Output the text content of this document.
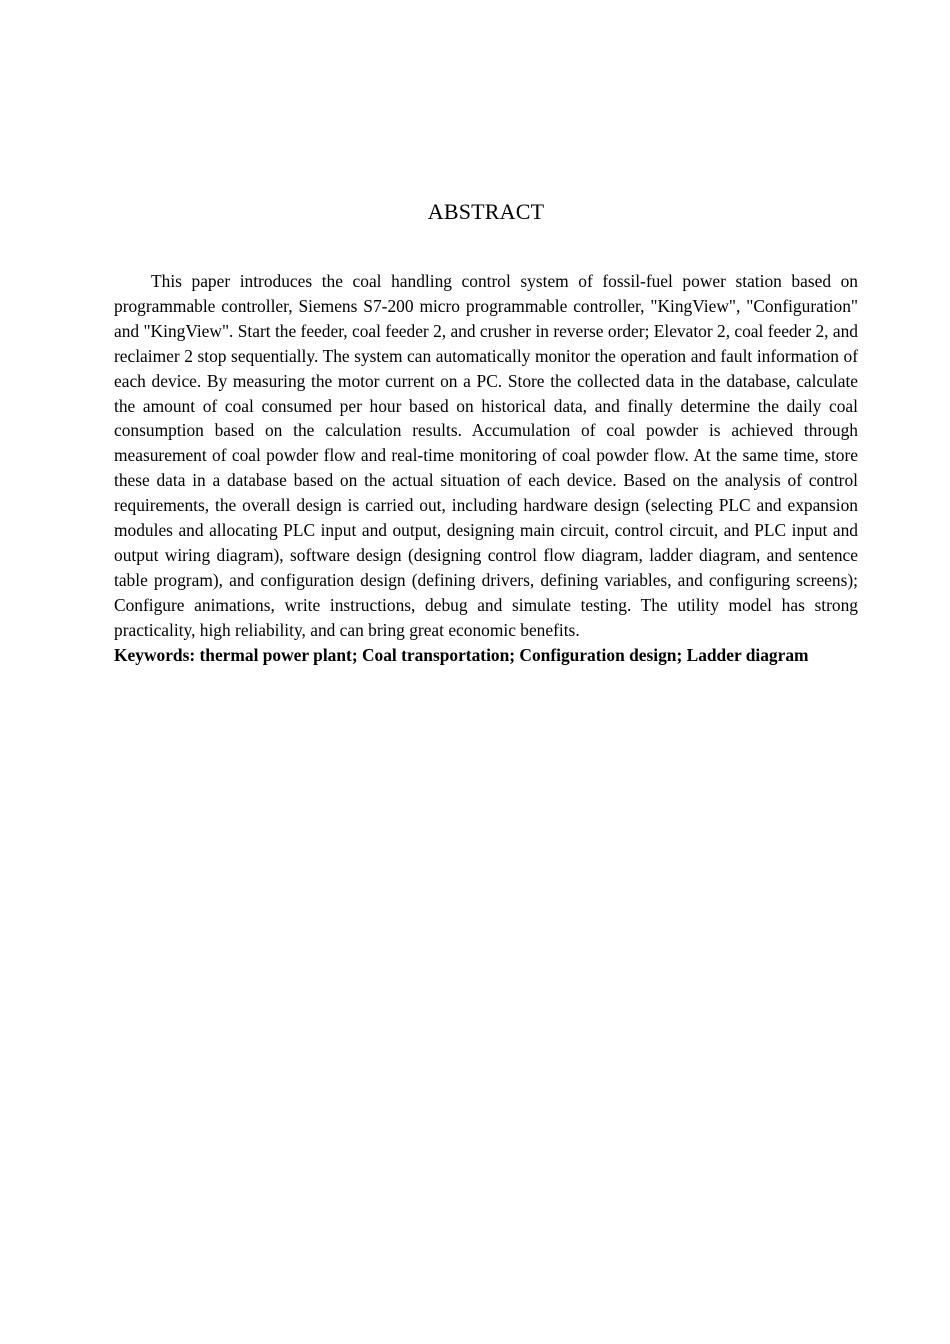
ABSTRACT

This paper introduces the coal handling control system of fossil-fuel power station based on programmable controller, Siemens S7-200 micro programmable controller, "KingView", "Configuration" and "KingView". Start the feeder, coal feeder 2, and crusher in reverse order; Elevator 2, coal feeder 2, and reclaimer 2 stop sequentially. The system can automatically monitor the operation and fault information of each device. By measuring the motor current on a PC. Store the collected data in the database, calculate the amount of coal consumed per hour based on historical data, and finally determine the daily coal consumption based on the calculation results. Accumulation of coal powder is achieved through measurement of coal powder flow and real-time monitoring of coal powder flow. At the same time, store these data in a database based on the actual situation of each device. Based on the analysis of control requirements, the overall design is carried out, including hardware design (selecting PLC and expansion modules and allocating PLC input and output, designing main circuit, control circuit, and PLC input and output wiring diagram), software design (designing control flow diagram, ladder diagram, and sentence table program), and configuration design (defining drivers, defining variables, and configuring screens); Configure animations, write instructions, debug and simulate testing. The utility model has strong practicality, high reliability, and can bring great economic benefits.

Keywords: thermal power plant; Coal transportation; Configuration design; Ladder diagram
